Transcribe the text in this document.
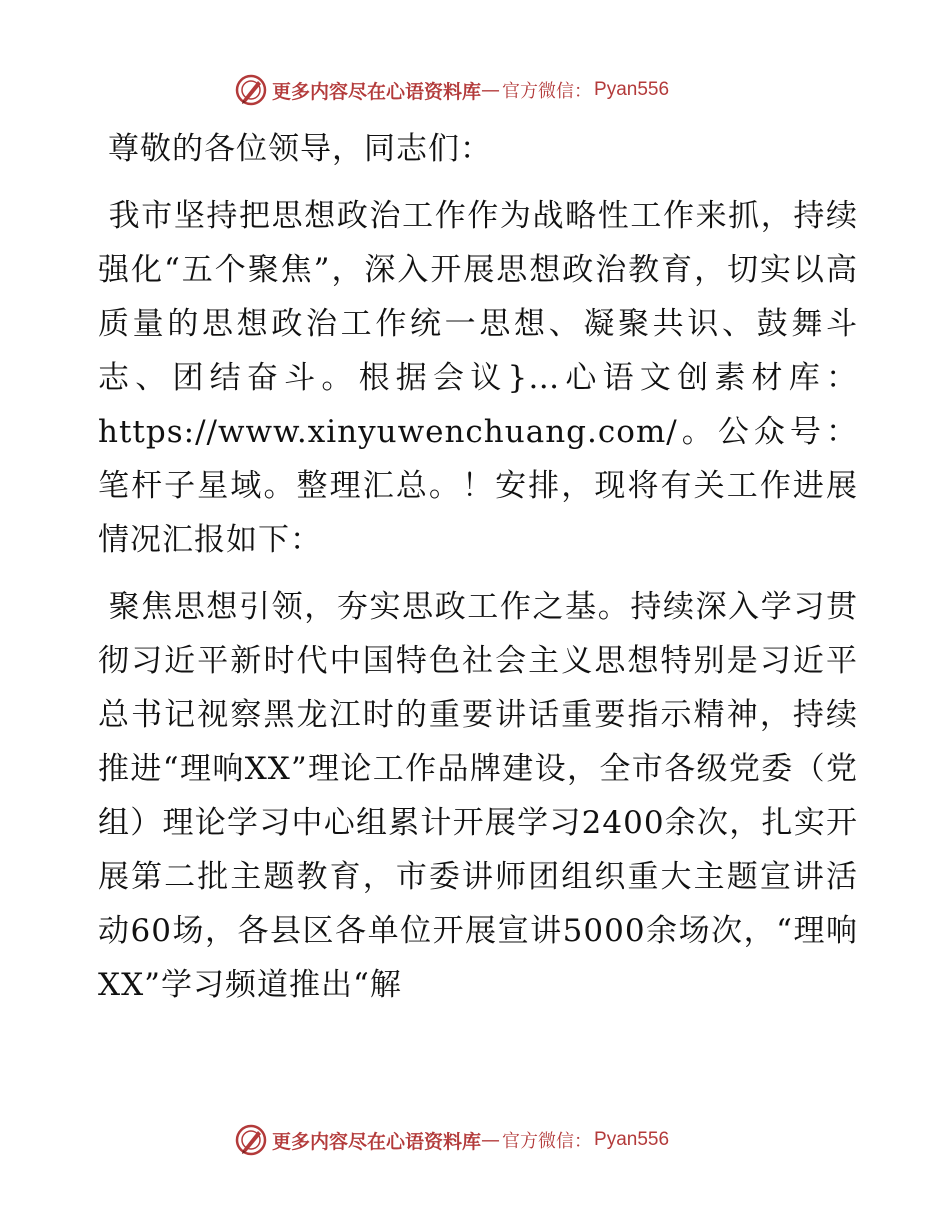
更多内容尽在心语资料库 — 官方微信： Pyan556

尊敬的各位领导，同志们：

我市坚持把思想政治工作作为战略性工作来抓，持续强化“五个聚焦”，深入开展思想政治教育，切实以高质量的思想政治工作统一思想、凝聚共识、鼓舞斗志、团结奋斗。根据会议}…心语文创素材库：https://www.xinyuwenchuang.com/。公众号：笔杆子星域。整理汇总。！安排，现将有关工作进展情况汇报如下：

聚焦思想引领，夯实思政工作之基。持续深入学习贯彻习近平新时代中国特色社会主义思想特别是习近平总书记视察黑龙江时的重要讲话重要指示精神，持续推进“理响XX”理论工作品牌建设，全市各级党委（党组）理论学习中心组累计开展学习2400余次，扎实开展第二批主题教育，市委讲师团组织重大主题宣讲活动60场，各县区各单位开展宣讲5000余场次，“理响XX”学习频道推出“解

更多内容尽在心语资料库 — 官方微信： Pyan556
